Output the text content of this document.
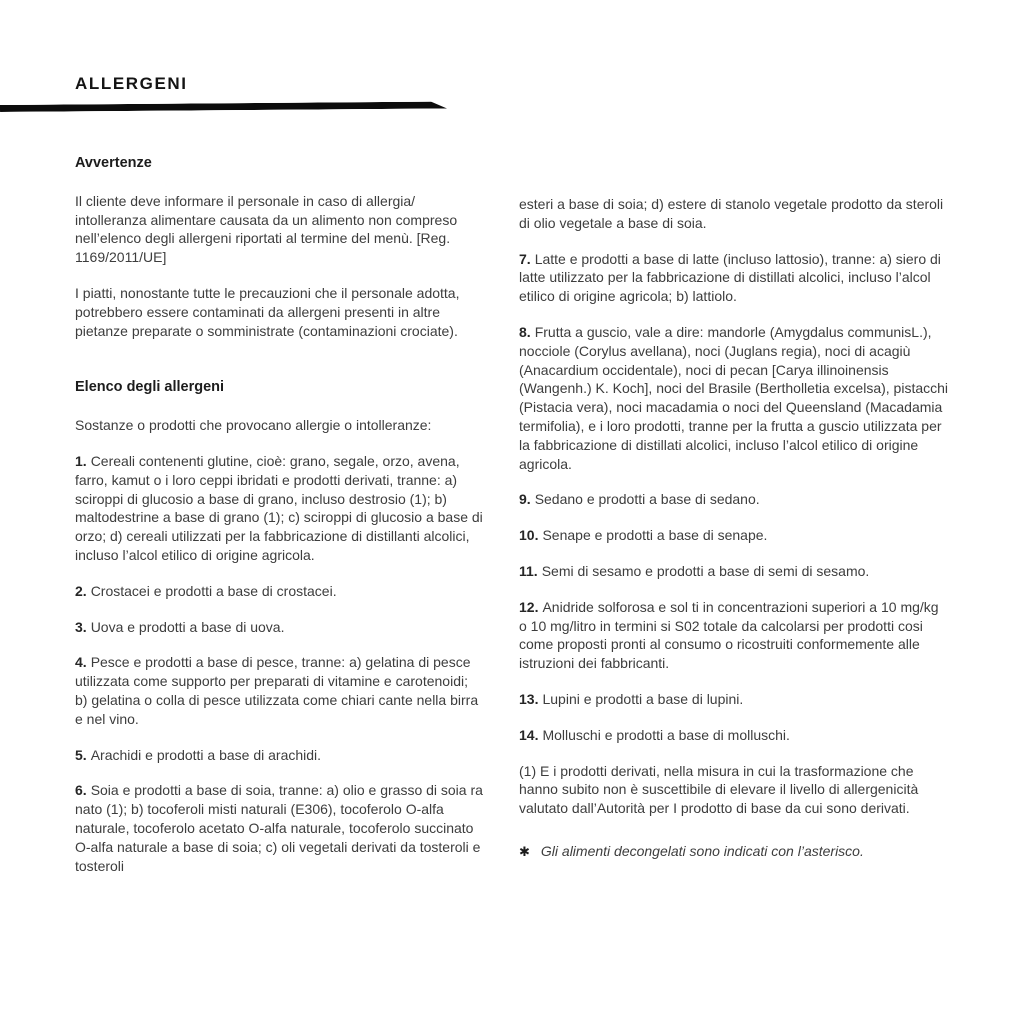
ALLERGENI
Avvertenze

Il cliente deve informare il personale in caso di allergia/ intolleranza alimentare causata da un alimento non compreso nell’elenco degli allergeni riportati al termine del menù. [Reg. 1169/2011/UE]

I piatti, nonostante tutte le precauzioni che il personale adotta, potrebbero essere contaminati da allergeni presenti in altre pietanze preparate o somministrate (contaminazioni crociate).

Elenco degli allergeni

Sostanze o prodotti che provocano allergie o intolleranze:

1. Cereali contenenti glutine, cioè: grano, segale, orzo, avena, farro, kamut o i loro ceppi ibridati e prodotti derivati, tranne: a) sciroppi di glucosio a base di grano, incluso destrosio (1); b) maltodestrine a base di grano (1); c) sciroppi di glucosio a base di orzo; d) cereali utilizzati per la fabbricazione di distillanti alcolici, incluso l’alcol etilico di origine agricola.

2. Crostacei e prodotti a base di crostacei.

3. Uova e prodotti a base di uova.

4. Pesce e prodotti a base di pesce, tranne: a) gelatina di pesce utilizzata come supporto per preparati di vitamine e carotenoidi; b) gelatina o colla di pesce utilizzata come chiari cante nella birra e nel vino.

5. Arachidi e prodotti a base di arachidi.

6. Soia e prodotti a base di soia, tranne: a) olio e grasso di soia ra nato (1); b) tocoferoli misti naturali (E306), tocoferolo O-alfa naturale, tocoferolo acetato O-alfa naturale, tocoferolo succinato O-alfa naturale a base di soia; c) oli vegetali derivati da tosteroli e tosteroli

esteri a base di soia; d) estere di stanolo vegetale prodotto da steroli di olio vegetale a base di soia.

7. Latte e prodotti a base di latte (incluso lattosio), tranne: a) siero di latte utilizzato per la fabbricazione di distillati alcolici, incluso l’alcol etilico di origine agricola; b) lattiolo.

8. Frutta a guscio, vale a dire: mandorle (Amygdalus communisL.), nocciole (Corylus avellana), noci (Juglans regia), noci di acagiù (Anacardium occidentale), noci di pecan [Carya illinoinensis (Wangenh.) K. Koch], noci del Brasile (Bertholletia excelsa), pistacchi (Pistacia vera), noci macadamia o noci del Queensland (Macadamia termifolia), e i loro prodotti, tranne per la frutta a guscio utilizzata per la fabbricazione di distillati alcolici, incluso l’alcol etilico di origine agricola.

9. Sedano e prodotti a base di sedano.

10. Senape e prodotti a base di senape.

11. Semi di sesamo e prodotti a base di semi di sesamo.

12. Anidride solforosa e sol ti in concentrazioni superiori a 10 mg/kg o 10 mg/litro in termini si S02 totale da calcolarsi per prodotti cosi come proposti pronti al consumo o ricostruiti conformemente alle istruzioni dei fabbricanti.

13. Lupini e prodotti a base di lupini.

14. Molluschi e prodotti a base di molluschi.

(1) E i prodotti derivati, nella misura in cui la trasformazione che hanno subito non è suscettibile di elevare il livello di allergenicità valutato dall’Autorità per I prodotto di base da cui sono derivati.

✱ Gli alimenti decongelati sono indicati con l’asterisco.
